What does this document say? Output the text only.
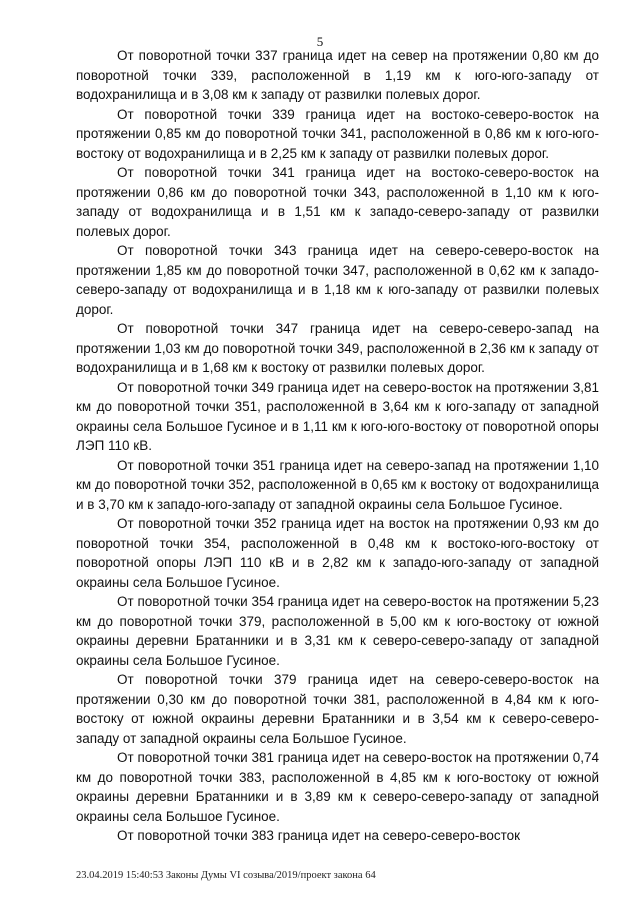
5

От поворотной точки 337 граница идет на север на протяжении 0,80 км до поворотной точки 339, расположенной в 1,19 км к юго-юго-западу от водохранилища и в 3,08 км к западу от развилки полевых дорог.

От поворотной точки 339 граница идет на востоко-северо-восток на протяжении 0,85 км до поворотной точки 341, расположенной в 0,86 км к юго-юго-востоку от водохранилища и в 2,25 км к западу от развилки полевых дорог.

От поворотной точки 341 граница идет на востоко-северо-восток на протяжении 0,86 км до поворотной точки 343, расположенной в 1,10 км к юго-западу от водохранилища и в 1,51 км к западо-северо-западу от развилки полевых дорог.

От поворотной точки 343 граница идет на северо-северо-восток на протяжении 1,85 км до поворотной точки 347, расположенной в 0,62 км к западо-северо-западу от водохранилища и в 1,18 км к юго-западу от развилки полевых дорог.

От поворотной точки 347 граница идет на северо-северо-запад на протяжении 1,03 км до поворотной точки 349, расположенной в 2,36 км к западу от водохранилища и в 1,68 км к востоку от развилки полевых дорог.

От поворотной точки 349 граница идет на северо-восток на протяжении 3,81 км до поворотной точки 351, расположенной в 3,64 км к юго-западу от западной окраины села Большое Гусиное и в 1,11 км к юго-юго-востоку от поворотной опоры ЛЭП 110 кВ.

От поворотной точки 351 граница идет на северо-запад на протяжении 1,10 км до поворотной точки 352, расположенной в 0,65 км к востоку от водохранилища и в 3,70 км к западо-юго-западу от западной окраины села Большое Гусиное.

От поворотной точки 352 граница идет на восток на протяжении 0,93 км до поворотной точки 354, расположенной в 0,48 км к востоко-юго-востоку от поворотной опоры ЛЭП 110 кВ и в 2,82 км к западо-юго-западу от западной окраины села Большое Гусиное.

От поворотной точки 354 граница идет на северо-восток на протяжении 5,23 км до поворотной точки 379, расположенной в 5,00 км к юго-востоку от южной окраины деревни Братанники и в 3,31 км к северо-северо-западу от западной окраины села Большое Гусиное.

От поворотной точки 379 граница идет на северо-северо-восток на протяжении 0,30 км до поворотной точки 381, расположенной в 4,84 км к юго-востоку от южной окраины деревни Братанники и в 3,54 км к северо-северо-западу от западной окраины села Большое Гусиное.

От поворотной точки 381 граница идет на северо-восток на протяжении 0,74 км до поворотной точки 383, расположенной в 4,85 км к юго-востоку от южной окраины деревни Братанники и в 3,89 км к северо-северо-западу от западной окраины села Большое Гусиное.

От поворотной точки 383 граница идет на северо-северо-восток

23.04.2019 15:40:53 Законы Думы VI созыва/2019/проект закона 64
